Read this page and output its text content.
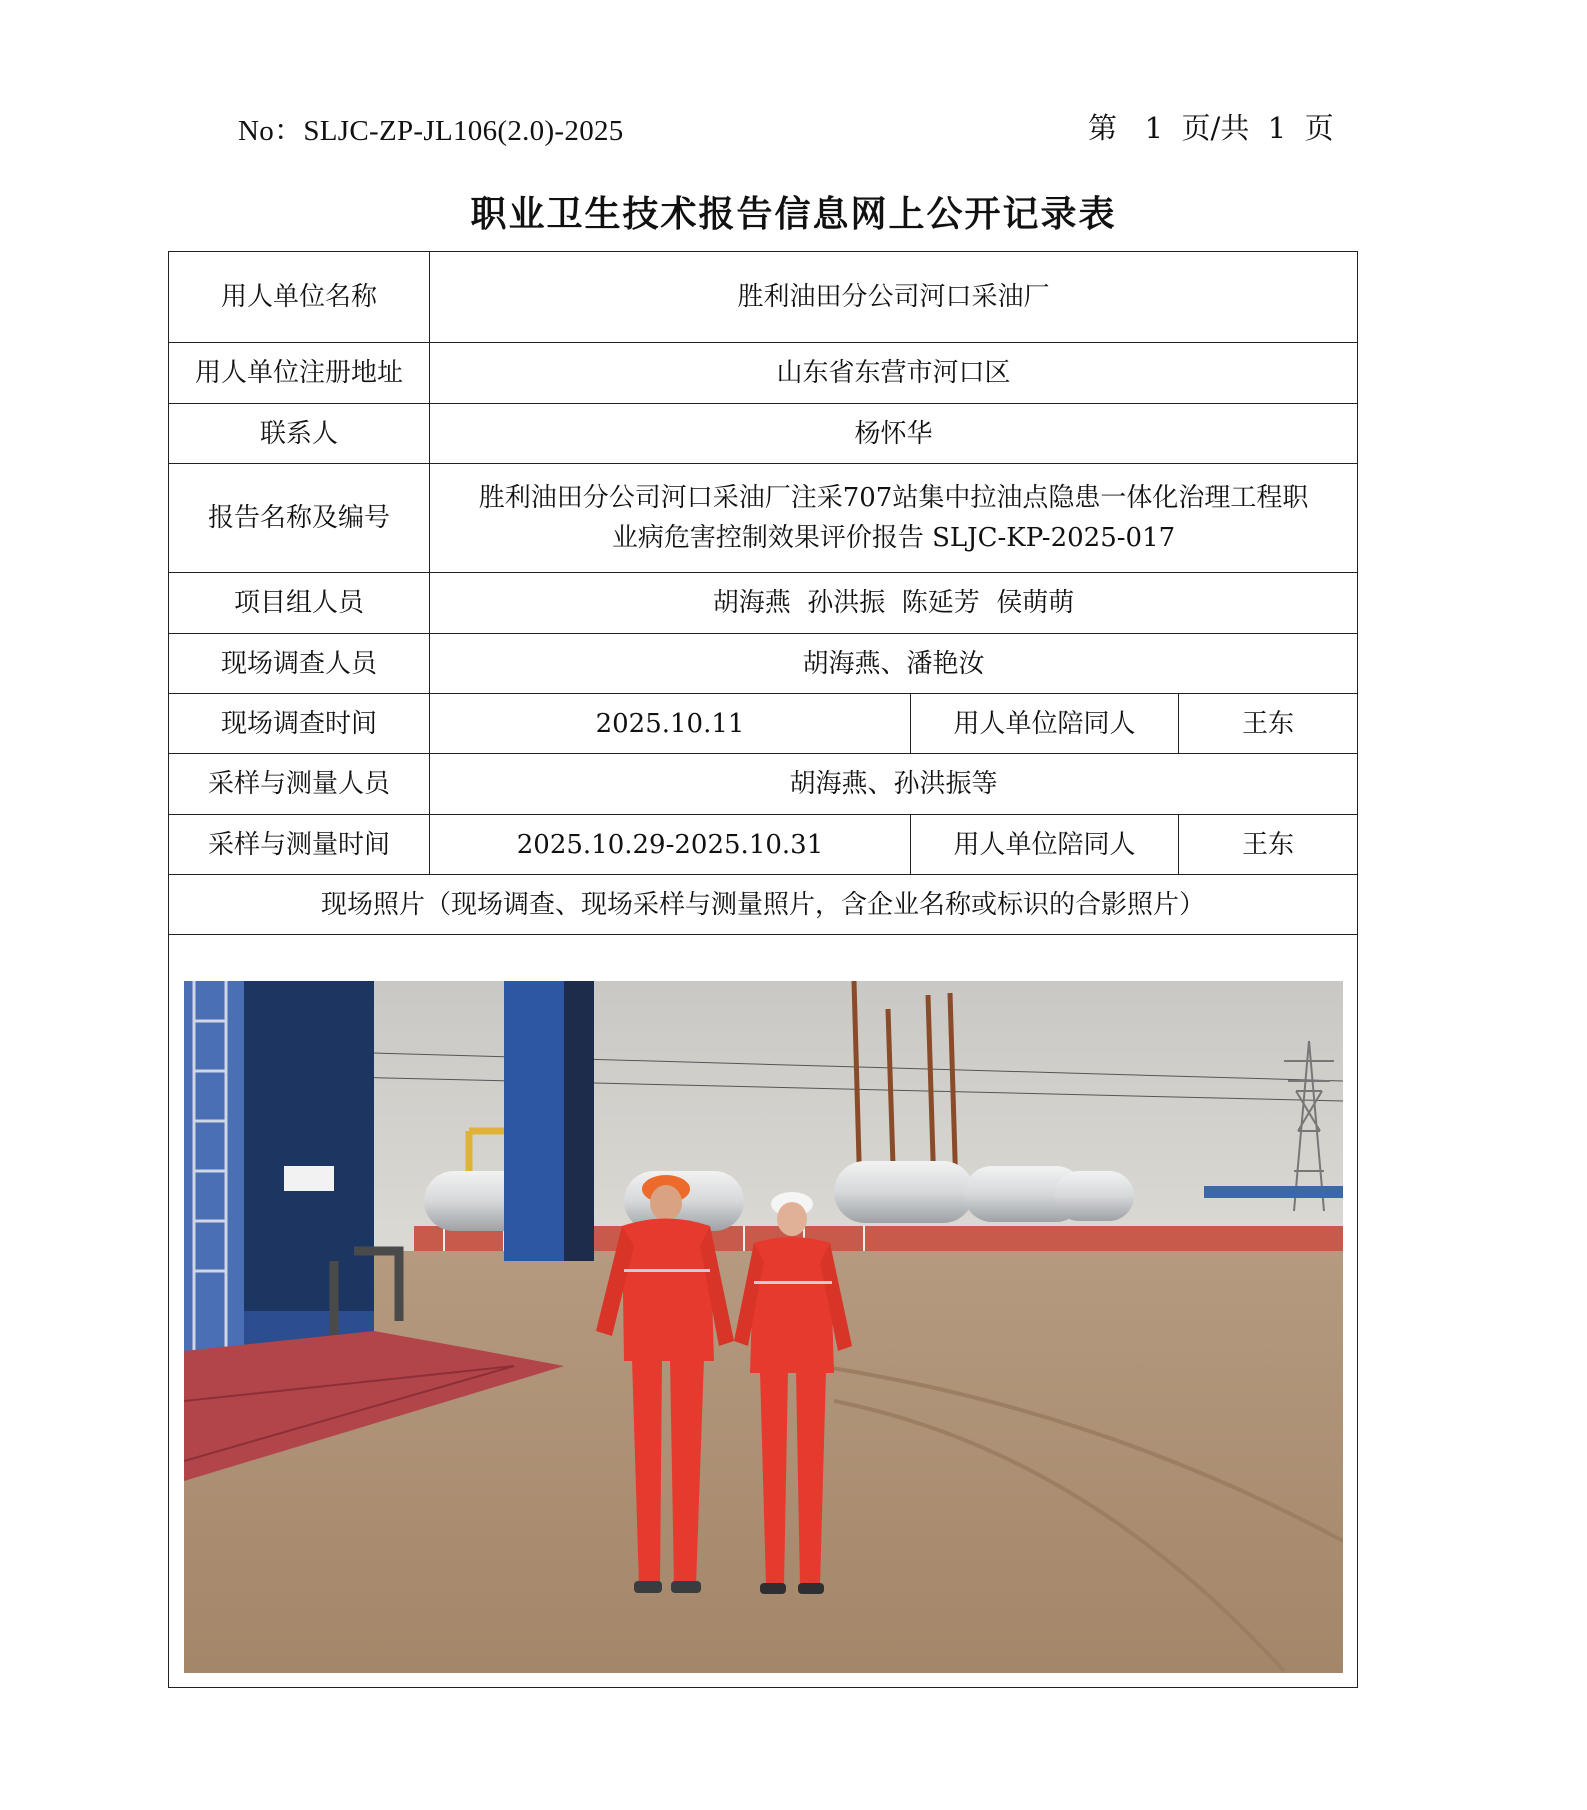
No：SLJC-ZP-JL106(2.0)-2025	第   1  页/共  1  页
职业卫生技术报告信息网上公开记录表
用人单位名称	胜利油田分公司河口采油厂		
用人单位注册地址	山东省东营市河口区		
联系人	杨怀华		
报告名称及编号	胜利油田分公司河口采油厂注采707站集中拉油点隐患一体化治理工程职
业病危害控制效果评价报告 SLJC-KP-2025-017		

项目组人员	胡海燕  孙洪振  陈延芳  侯萌萌		
现场调查人员	胡海燕、潘艳汝		
现场调查时间	2025.10.11	用人单位陪同人	王东
采样与测量人员	胡海燕、孙洪振等		
采样与测量时间	2025.10.29-2025.10.31	用人单位陪同人	王东
现场照片（现场调查、现场采样与测量照片，含企业名称或标识的合影照片）			
